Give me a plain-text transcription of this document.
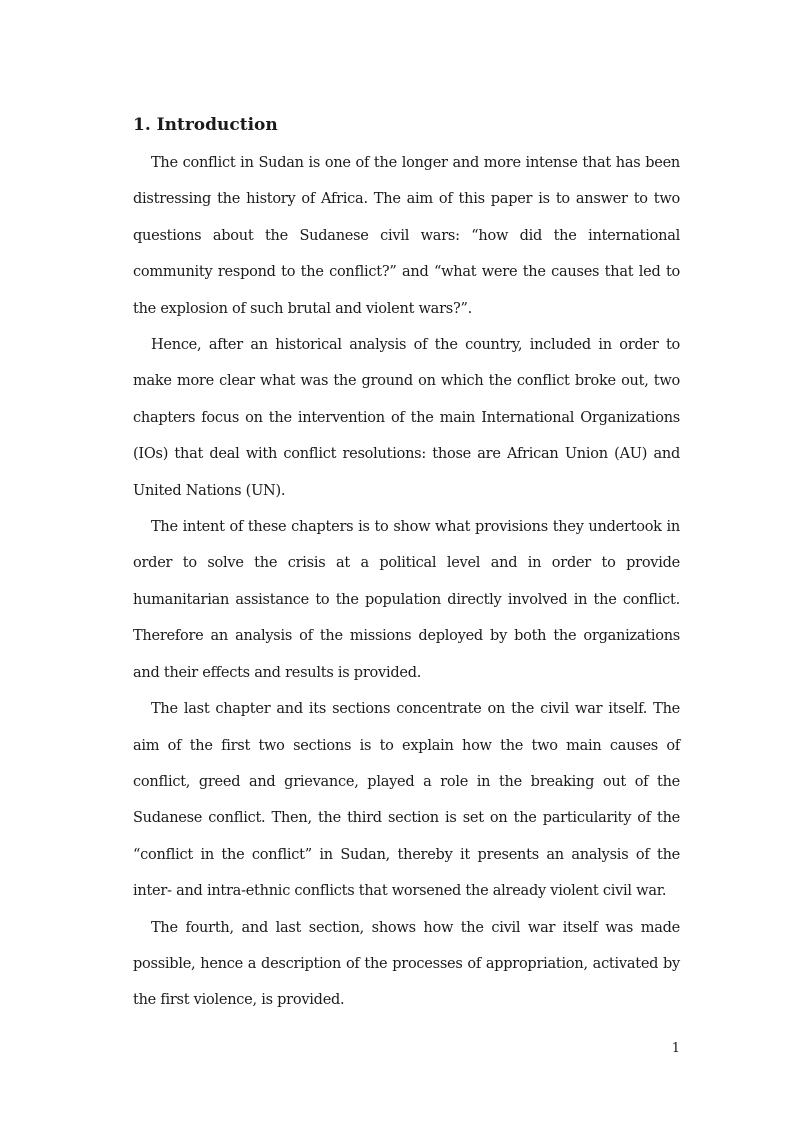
1. Introduction

The conflict in Sudan is one of the longer and more intense that has been distressing the history of Africa. The aim of this paper is to answer to two questions about the Sudanese civil wars: “how did the international community respond to the conflict?” and “what were the causes that led to the explosion of such brutal and violent wars?”.

Hence, after an historical analysis of the country, included in order to make more clear what was the ground on which the conflict broke out, two chapters focus on the intervention of the main International Organizations (IOs) that deal with conflict resolutions: those are African Union (AU) and United Nations (UN).

The intent of these chapters is to show what provisions they undertook in order to solve the crisis at a political level and in order to provide humanitarian assistance to the population directly involved in the conflict. Therefore an analysis of the missions deployed by both the organizations and their effects and results is provided.

The last chapter and its sections concentrate on the civil war itself. The aim of the first two sections is to explain how the two main causes of conflict, greed and grievance, played a role in the breaking out of the Sudanese conflict. Then, the third section is set on the particularity of the “conflict in the conflict” in Sudan, thereby it presents an analysis of the inter- and intra-ethnic conflicts that worsened the already violent civil war.

The fourth, and last section, shows how the civil war itself was made possible, hence a description of the processes of appropriation, activated by the first violence, is provided.

1
